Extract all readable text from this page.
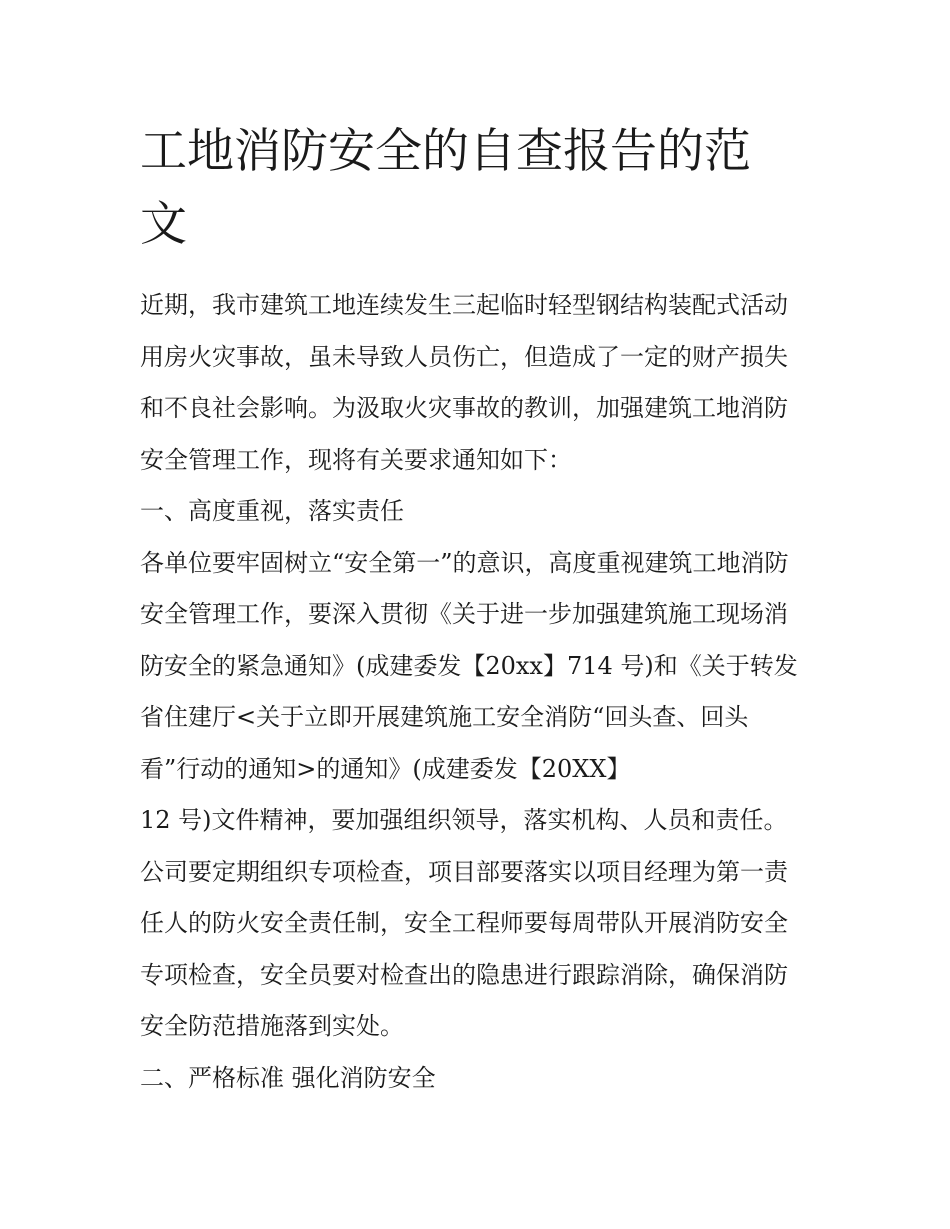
工地消防安全的自查报告的范
文
近期，我市建筑工地连续发生三起临时轻型钢结构装配式活动
用房火灾事故，虽未导致人员伤亡，但造成了一定的财产损失
和不良社会影响。为汲取火灾事故的教训，加强建筑工地消防
安全管理工作，现将有关要求通知如下：
一、高度重视，落实责任
各单位要牢固树立“安全第一”的意识，高度重视建筑工地消防
安全管理工作，要深入贯彻《关于进一步加强建筑施工现场消
防安全的紧急通知》(成建委发【20xx】714 号)和《关于转发
省住建厅<关于立即开展建筑施工安全消防“回头查、回头
看”行动的通知>的通知》(成建委发【20XX】
12 号)文件精神，要加强组织领导，落实机构、人员和责任。
公司要定期组织专项检查，项目部要落实以项目经理为第一责
任人的防火安全责任制，安全工程师要每周带队开展消防安全
专项检查，安全员要对检查出的隐患进行跟踪消除，确保消防
安全防范措施落到实处。
二、严格标准 强化消防安全
